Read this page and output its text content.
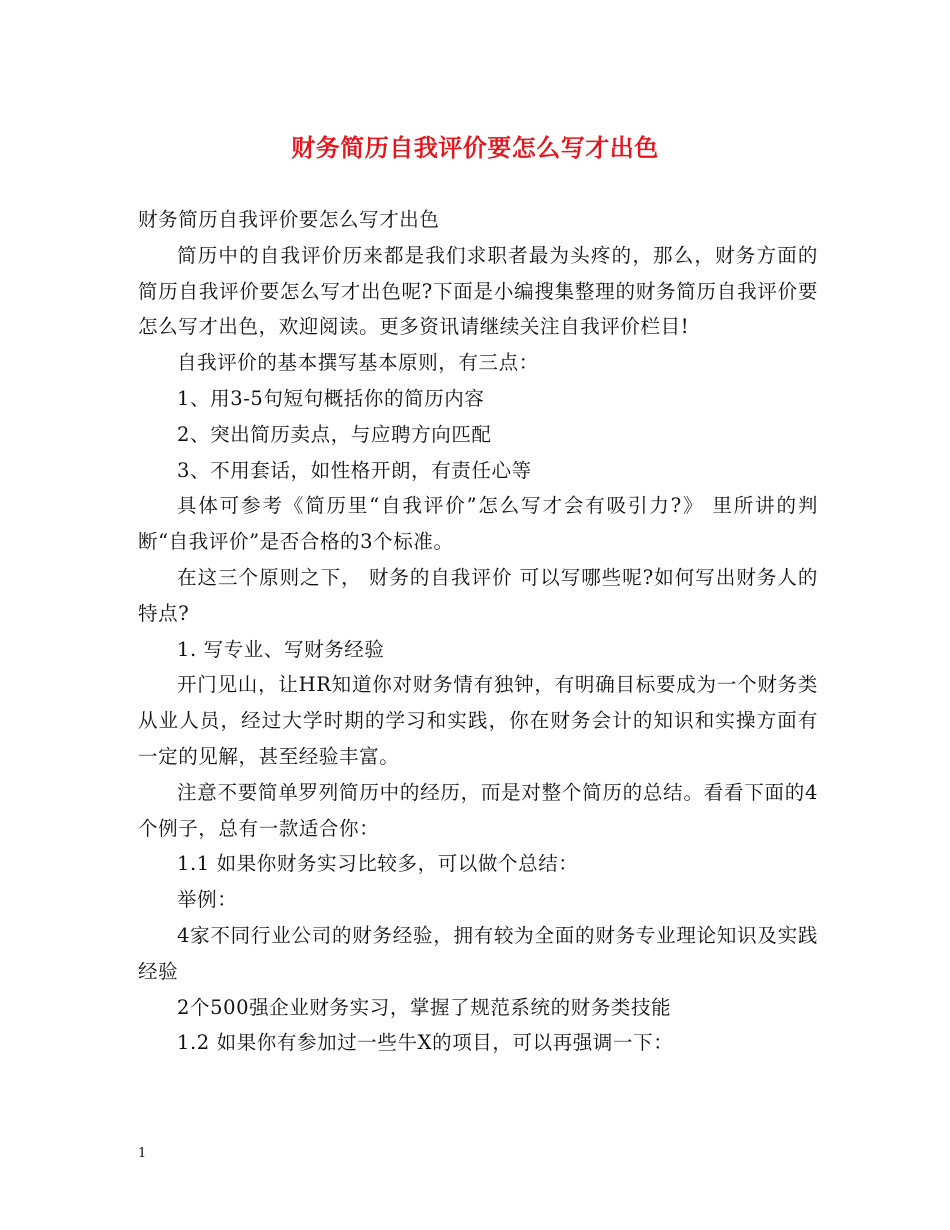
财务简历自我评价要怎么写才出色

财务简历自我评价要怎么写才出色

简历中的自我评价历来都是我们求职者最为头疼的，那么，财务方面的简历自我评价要怎么写才出色呢?下面是小编搜集整理的财务简历自我评价要怎么写才出色，欢迎阅读。更多资讯请继续关注自我评价栏目!

自我评价的基本撰写基本原则，有三点：

1、用3-5句短句概括你的简历内容

2、突出简历卖点，与应聘方向匹配

3、不用套话，如性格开朗，有责任心等

具体可参考《简历里“自我评价”怎么写才会有吸引力?》 里所讲的判断“自我评价”是否合格的3个标准。

在这三个原则之下， 财务的自我评价 可以写哪些呢?如何写出财务人的特点?

1. 写专业、写财务经验

开门见山，让HR知道你对财务情有独钟，有明确目标要成为一个财务类从业人员，经过大学时期的学习和实践，你在财务会计的知识和实操方面有一定的见解，甚至经验丰富。

注意不要简单罗列简历中的经历，而是对整个简历的总结。看看下面的4个例子，总有一款适合你：

1.1 如果你财务实习比较多，可以做个总结：

举例：

4家不同行业公司的财务经验，拥有较为全面的财务专业理论知识及实践经验

2个500强企业财务实习，掌握了规范系统的财务类技能

1.2 如果你有参加过一些牛X的项目，可以再强调一下：

1
